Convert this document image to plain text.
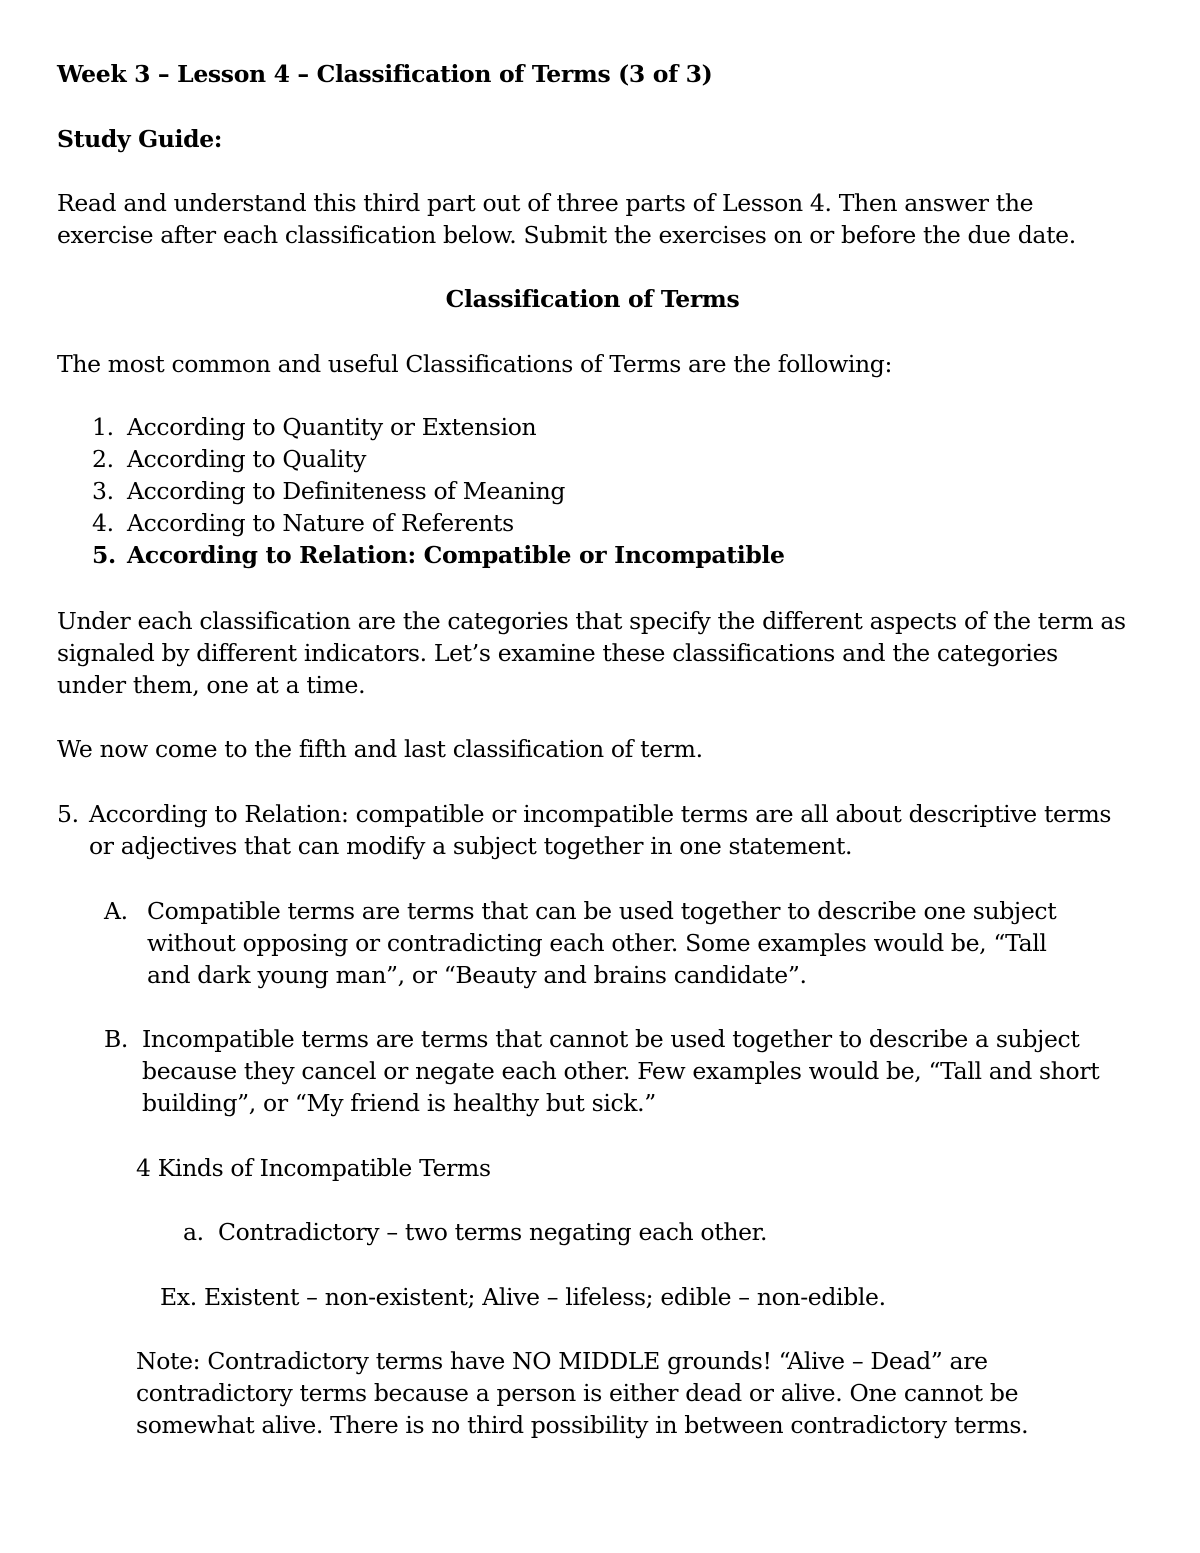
Week 3 – Lesson 4 – Classification of Terms (3 of 3)
Study Guide:
Read and understand this third part out of three parts of Lesson 4. Then answer the
exercise after each classification below. Submit the exercises on or before the due date.
Classification of Terms
The most common and useful Classifications of Terms are the following:
1. According to Quantity or Extension
2. According to Quality
3. According to Definiteness of Meaning
4. According to Nature of Referents
5. According to Relation: Compatible or Incompatible
Under each classification are the categories that specify the different aspects of the term as
signaled by different indicators. Let’s examine these classifications and the categories
under them, one at a time.
We now come to the fifth and last classification of term.
5. According to Relation: compatible or incompatible terms are all about descriptive terms
or adjectives that can modify a subject together in one statement.
A. Compatible terms are terms that can be used together to describe one subject
without opposing or contradicting each other. Some examples would be, “Tall
and dark young man”, or “Beauty and brains candidate”.
B. Incompatible terms are terms that cannot be used together to describe a subject
because they cancel or negate each other. Few examples would be, “Tall and short
building”, or “My friend is healthy but sick.”
4 Kinds of Incompatible Terms
a. Contradictory – two terms negating each other.
Ex. Existent – non-existent; Alive – lifeless; edible – non-edible.
Note: Contradictory terms have NO MIDDLE grounds! “Alive – Dead” are
contradictory terms because a person is either dead or alive. One cannot be
somewhat alive. There is no third possibility in between contradictory terms.
